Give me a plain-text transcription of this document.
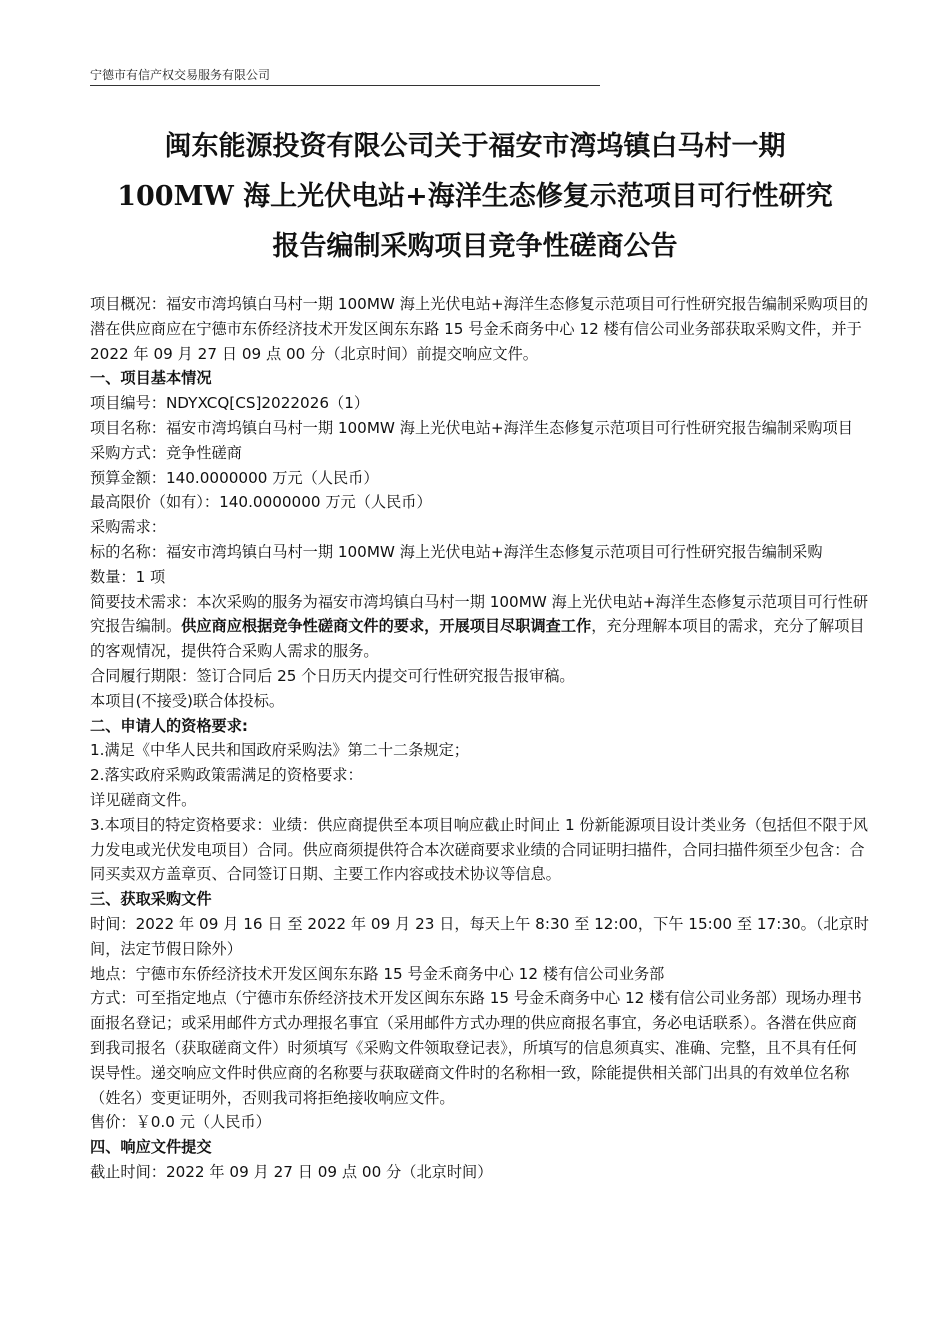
宁德市有信产权交易服务有限公司
闽东能源投资有限公司关于福安市湾坞镇白马村一期
100MW 海上光伏电站+海洋生态修复示范项目可行性研究
报告编制采购项目竞争性磋商公告

项目概况：福安市湾坞镇白马村一期 100MW 海上光伏电站+海洋生态修复示范项目可行性研究报告编制采购项目的潜在供应商应在宁德市东侨经济技术开发区闽东东路 15 号金禾商务中心 12 楼有信公司业务部获取采购文件，并于 2022 年 09 月 27 日 09 点 00 分（北京时间）前提交响应文件。

一、项目基本情况

项目编号：NDYXCQ[CS]2022026（1）

项目名称：福安市湾坞镇白马村一期 100MW 海上光伏电站+海洋生态修复示范项目可行性研究报告编制采购项目

采购方式：竞争性磋商

预算金额：140.0000000 万元（人民币）

最高限价（如有）：140.0000000 万元（人民币）

采购需求：

标的名称：福安市湾坞镇白马村一期 100MW 海上光伏电站+海洋生态修复示范项目可行性研究报告编制采购

数量：1 项

简要技术需求：本次采购的服务为福安市湾坞镇白马村一期 100MW 海上光伏电站+海洋生态修复示范项目可行性研究报告编制。供应商应根据竞争性磋商文件的要求，开展项目尽职调查工作，充分理解本项目的需求，充分了解项目的客观情况，提供符合采购人需求的服务。

合同履行期限：签订合同后 25 个日历天内提交可行性研究报告报审稿。

本项目(不接受)联合体投标。

二、申请人的资格要求:

1.满足《中华人民共和国政府采购法》第二十二条规定；

2.落实政府采购政策需满足的资格要求：

详见磋商文件。

3.本项目的特定资格要求：业绩：供应商提供至本项目响应截止时间止 1 份新能源项目设计类业务（包括但不限于风力发电或光伏发电项目）合同。供应商须提供符合本次磋商要求业绩的合同证明扫描件，合同扫描件须至少包含：合同买卖双方盖章页、合同签订日期、主要工作内容或技术协议等信息。

三、获取采购文件

时间：2022 年 09 月 16 日 至 2022 年 09 月 23 日，每天上午 8:30 至 12:00，下午 15:00 至 17:30。（北京时间，法定节假日除外）

地点：宁德市东侨经济技术开发区闽东东路 15 号金禾商务中心 12 楼有信公司业务部

方式：可至指定地点（宁德市东侨经济技术开发区闽东东路 15 号金禾商务中心 12 楼有信公司业务部）现场办理书面报名登记；或采用邮件方式办理报名事宜（采用邮件方式办理的供应商报名事宜，务必电话联系）。各潜在供应商到我司报名（获取磋商文件）时须填写《采购文件领取登记表》，所填写的信息须真实、准确、完整，且不具有任何误导性。递交响应文件时供应商的名称要与获取磋商文件时的名称相一致，除能提供相关部门出具的有效单位名称（姓名）变更证明外，否则我司将拒绝接收响应文件。

售价：￥0.0 元（人民币）

四、响应文件提交

截止时间：2022 年 09 月 27 日 09 点 00 分（北京时间）
